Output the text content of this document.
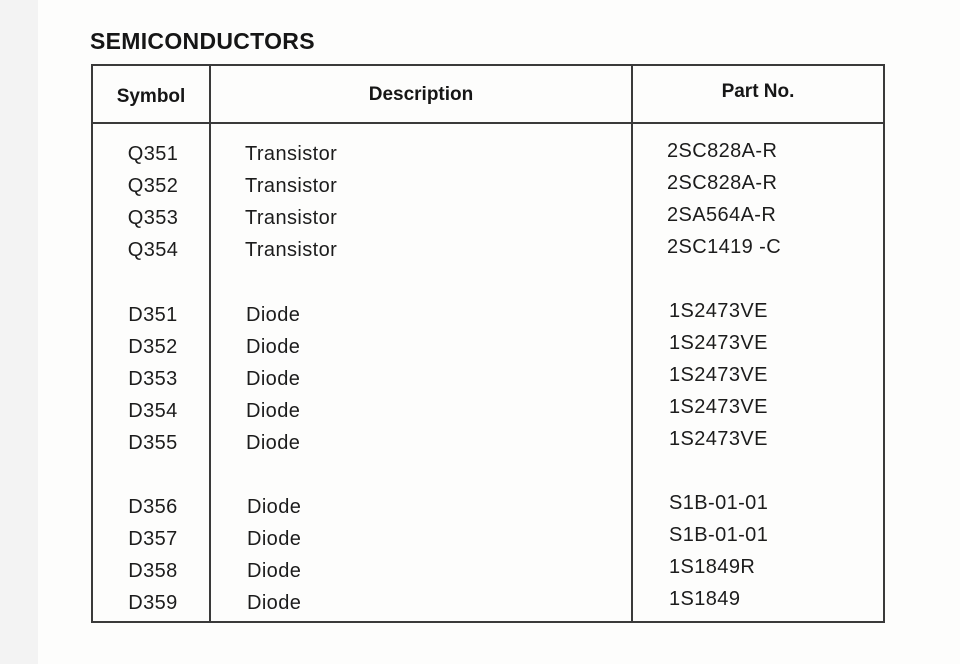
SEMICONDUCTORS
Symbol	Description	Part No.
Q351	Transistor	2SC828A-R
Q352	Transistor	2SC828A-R
Q353	Transistor	2SA564A-R
Q354	Transistor	2SC1419 -C
D351	Diode	1S2473VE
D352	Diode	1S2473VE
D353	Diode	1S2473VE
D354	Diode	1S2473VE
D355	Diode	1S2473VE
D356	Diode	S1B-01-01
D357	Diode	S1B-01-01
D358	Diode	1S1849R
D359	Diode	1S1849
